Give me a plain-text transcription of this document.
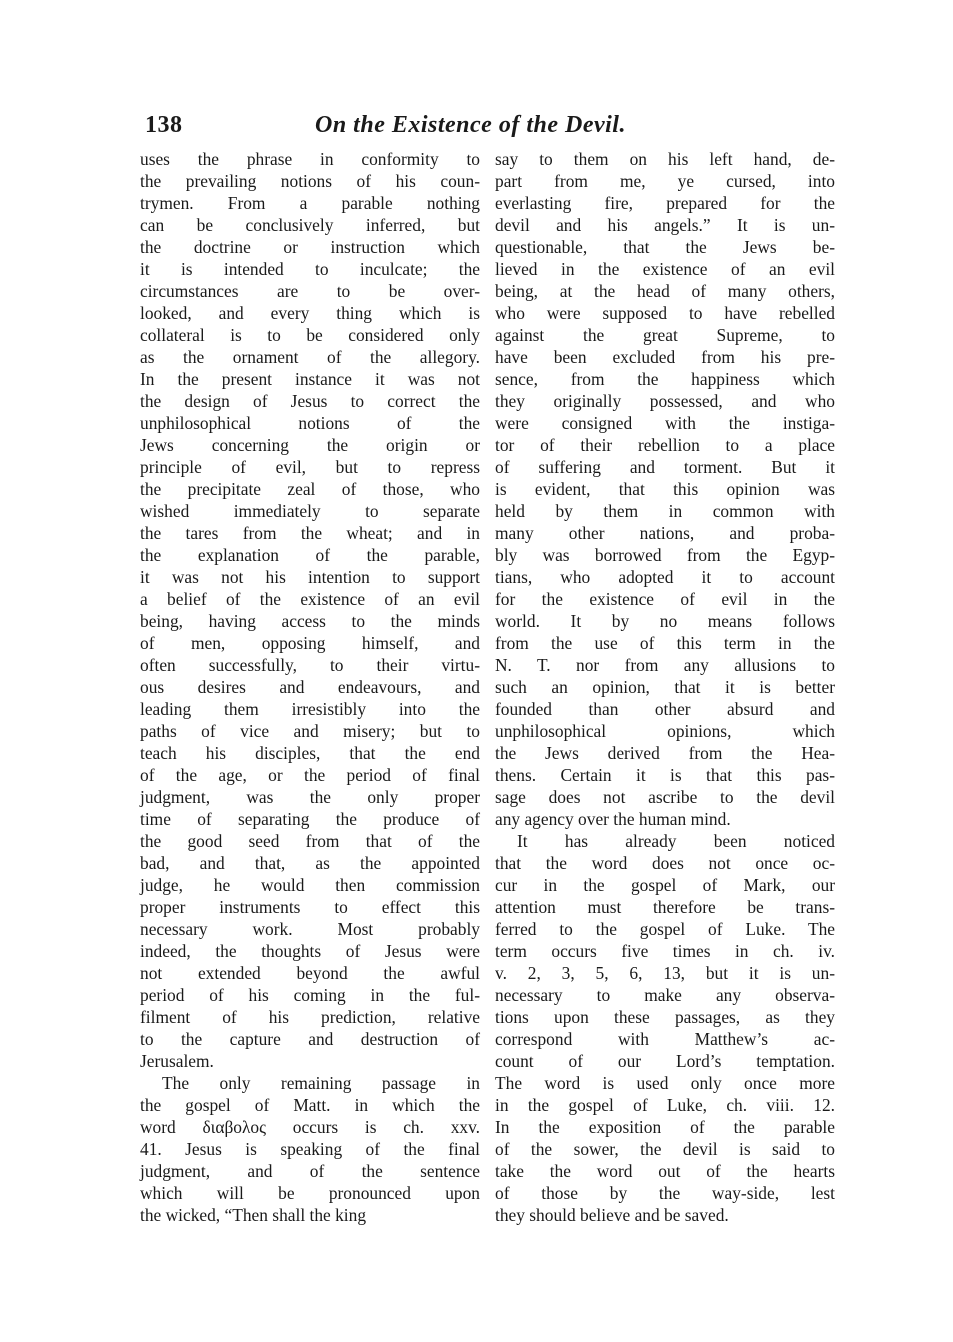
138	On the Existence of the Devil.
uses the phrase in conformity to
the prevailing notions of his coun-
trymen. From a parable nothing
can be conclusively inferred, but
the doctrine or instruction which
it is intended to inculcate; the
circumstances are to be over-
looked, and every thing which is
collateral is to be considered only
as the ornament of the allegory.
In the present instance it was not
the design of Jesus to correct the
unphilosophical notions of the
Jews concerning the origin or
principle of evil, but to repress
the precipitate zeal of those, who
wished immediately to separate
the tares from the wheat; and in
the explanation of the parable,
it was not his intention to support
a belief of the existence of an evil
being, having access to the minds
of men, opposing himself, and
often successfully, to their virtu-
ous desires and endeavours, and
leading them irresistibly into the
paths of vice and misery; but to
teach his disciples, that the end
of the age, or the period of final
judgment, was the only proper
time of separating the produce of
the good seed from that of the
bad, and that, as the appointed
judge, he would then commission
proper instruments to effect this
necessary work. Most probably
indeed, the thoughts of Jesus were
not extended beyond the awful
period of his coming in the ful-
filment of his prediction, relative
to the capture and destruction of
Jerusalem.
The only remaining passage in
the gospel of Matt. in which the
word διαβολος occurs is ch. xxv.
41. Jesus is speaking of the final
judgment, and of the sentence
which will be pronounced upon
the wicked, “Then shall the king
say to them on his left hand, de-
part from me, ye cursed, into
everlasting fire, prepared for the
devil and his angels.” It is un-
questionable, that the Jews be-
lieved in the existence of an evil
being, at the head of many others,
who were supposed to have rebelled
against the great Supreme, to
have been excluded from his pre-
sence, from the happiness which
they originally possessed, and who
were consigned with the instiga-
tor of their rebellion to a place
of suffering and torment. But it
is evident, that this opinion was
held by them in common with
many other nations, and proba-
bly was borrowed from the Egyp-
tians, who adopted it to account
for the existence of evil in the
world. It by no means follows
from the use of this term in the
N. T. nor from any allusions to
such an opinion, that it is better
founded than other absurd and
unphilosophical opinions, which
the Jews derived from the Hea-
thens. Certain it is that this pas-
sage does not ascribe to the devil
any agency over the human mind.
It has already been noticed
that the word does not once oc-
cur in the gospel of Mark, our
attention must therefore be trans-
ferred to the gospel of Luke. The
term occurs five times in ch. iv.
v. 2, 3, 5, 6, 13, but it is un-
necessary to make any observa-
tions upon these passages, as they
correspond with Matthew’s ac-
count of our Lord’s temptation.
The word is used only once more
in the gospel of Luke, ch. viii. 12.
In the exposition of the parable
of the sower, the devil is said to
take the word out of the hearts
of those by the way-side, lest
they should believe and be saved.
